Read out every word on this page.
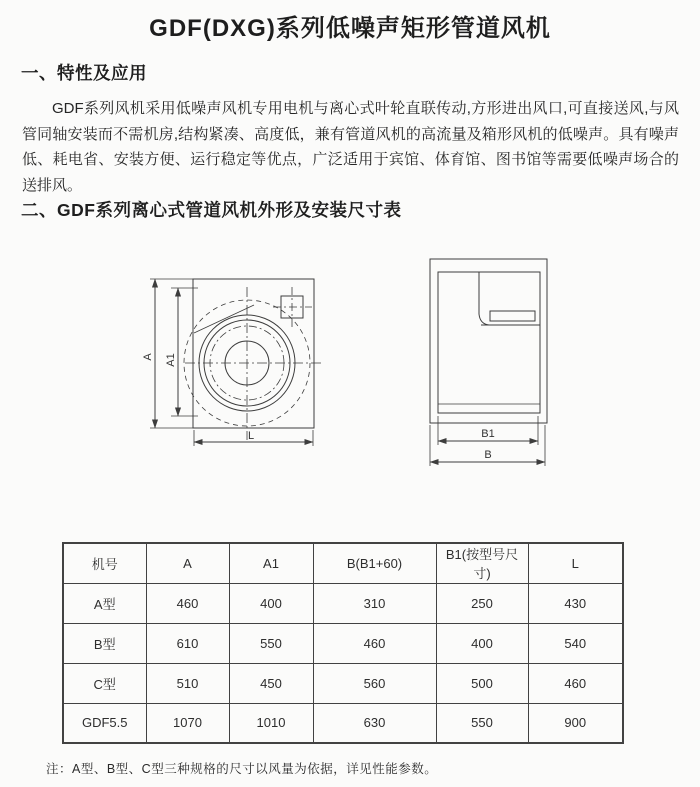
GDF(DXG)系列低噪声矩形管道风机
一、特性及应用

GDF系列风机采用低噪声风机专用电机与离心式叶轮直联传动,方形进出风口,可直接送风,与风管同轴安装而不需机房,结构紧凑、高度低，兼有管道风机的高流量及箱形风机的低噪声。具有噪声低、耗电省、安装方便、运行稳定等优点，广泛适用于宾馆、体育馆、图书馆等需要低噪声场合的送排风。

二、GDF系列离心式管道风机外形及安装尺寸表
A A1
L	B1
B
机号	A	A1	B(B1+60)	B1(按型号尺寸)	L
A型	460	400	310	250	430
B型	610	550	460	400	540
C型	510	450	560	500	460
GDF5.5	1070	1010	630	550	900
注：A型、B型、C型三种规格的尺寸以风量为依据，详见性能参数。
